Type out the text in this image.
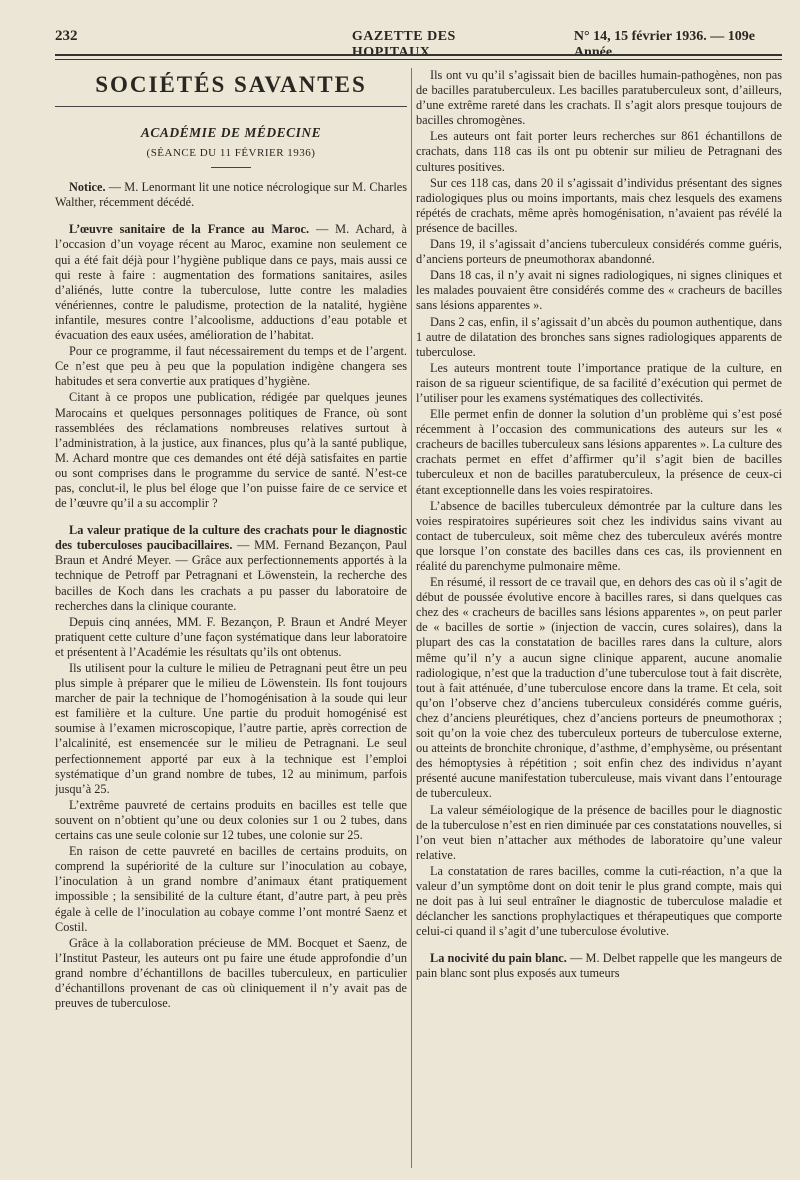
232	GAZETTE DES HOPITAUX
N° 14, 15 février 1936. — 109e Année.
SOCIÉTÉS SAVANTES
ACADÉMIE DE MÉDECINE
(SÉANCE DU 11 FÉVRIER 1936)

Notice. — M. Lenormant lit une notice nécrologique sur M. Charles Walther, récemment décédé.

L’œuvre sanitaire de la France au Maroc. — M. Achard, à l’occasion d’un voyage récent au Maroc, examine non seulement ce qui a été fait déjà pour l’hygiène publique dans ce pays, mais aussi ce qui reste à faire : augmentation des formations sanitaires, asiles d’aliénés, lutte contre la tuberculose, lutte contre les maladies vénériennes, contre le paludisme, protection de la natalité, hygiène infantile, mesures contre l’alcoolisme, adductions d’eau potable et évacuation des eaux usées, amélioration de l’habitat.

Pour ce programme, il faut nécessairement du temps et de l’argent. Ce n’est que peu à peu que la population indigène changera ses habitudes et sera convertie aux pratiques d’hygiène.

Citant à ce propos une publication, rédigée par quelques jeunes Marocains et quelques personnages politiques de France, où sont rassemblées des réclamations nombreuses relatives surtout à l’administration, à la justice, aux finances, plus qu’à la santé publique, M. Achard montre que ces demandes ont été déjà satisfaites en partie ou sont comprises dans le programme du service de santé. N’est-ce pas, conclut-il, le plus bel éloge que l’on puisse faire de ce service et de l’œuvre qu’il a su accomplir ?

La valeur pratique de la culture des crachats pour le diagnostic des tuberculoses paucibacillaires. — MM. Fernand Bezançon, Paul Braun et André Meyer. — Grâce aux perfectionnements apportés à la technique de Petroff par Petragnani et Löwenstein, la recherche des bacilles de Koch dans les crachats a pu passer du laboratoire de recherches dans la clinique courante.

Depuis cinq années, MM. F. Bezançon, P. Braun et André Meyer pratiquent cette culture d’une façon systématique dans leur laboratoire et présentent à l’Académie les résultats qu’ils ont obtenus.

Ils utilisent pour la culture le milieu de Petragnani peut être un peu plus simple à préparer que le milieu de Löwenstein. Ils font toujours marcher de pair la technique de l’homogénisation à la soude qui leur est familière et la culture. Une partie du produit homogénisé est soumise à l’examen microscopique, l’autre partie, après correction de l’alcalinité, est ensemencée sur le milieu de Petragnani. Le seul perfectionnement apporté par eux à la technique est l’emploi systématique d’un grand nombre de tubes, 12 au minimum, parfois jusqu’à 25.

L’extrême pauvreté de certains produits en bacilles est telle que souvent on n’obtient qu’une ou deux colonies sur 1 ou 2 tubes, dans certains cas une seule colonie sur 12 tubes, une colonie sur 25.

En raison de cette pauvreté en bacilles de certains produits, on comprend la supériorité de la culture sur l’inoculation au cobaye, l’inoculation à un grand nombre d’animaux étant pratiquement impossible ; la sensibilité de la culture étant, d’autre part, à peu près égale à celle de l’inoculation au cobaye comme l’ont montré Saenz et Costil.

Grâce à la collaboration précieuse de MM. Bocquet et Saenz, de l’Institut Pasteur, les auteurs ont pu faire une étude approfondie d’un grand nombre d’échantillons de bacilles tuberculeux, en particulier d’échantillons provenant de cas où cliniquement il n’y avait pas de preuves de tuberculose.

Ils ont vu qu’il s’agissait bien de bacilles humain-pathogènes, non pas de bacilles paratuberculeux. Les bacilles paratuberculeux sont, d’ailleurs, d’une extrême rareté dans les crachats. Il s’agit alors presque toujours de bacilles chromogènes.

Les auteurs ont fait porter leurs recherches sur 861 échantillons de crachats, dans 118 cas ils ont pu obtenir sur milieu de Petragnani des cultures positives.

Sur ces 118 cas, dans 20 il s’agissait d’individus présentant des signes radiologiques plus ou moins importants, mais chez lesquels des examens répétés de crachats, même après homogénisation, n’avaient pas révélé la présence de bacilles.

Dans 19, il s’agissait d’anciens tuberculeux considérés comme guéris, d’anciens porteurs de pneumothorax abandonné.

Dans 18 cas, il n’y avait ni signes radiologiques, ni signes cliniques et les malades pouvaient être considérés comme des « cracheurs de bacilles sans lésions apparentes ».

Dans 2 cas, enfin, il s’agissait d’un abcès du poumon authentique, dans 1 autre de dilatation des bronches sans signes radiologiques apparents de tuberculose.

Les auteurs montrent toute l’importance pratique de la culture, en raison de sa rigueur scientifique, de sa facilité d’exécution qui permet de l’utiliser pour les examens systématiques des collectivités.

Elle permet enfin de donner la solution d’un problème qui s’est posé récemment à l’occasion des communications des auteurs sur les « cracheurs de bacilles tuberculeux sans lésions apparentes ». La culture des crachats permet en effet d’affirmer qu’il s’agit bien de bacilles tuberculeux et non de bacilles paratuberculeux, la présence de ceux-ci étant exceptionnelle dans les voies respiratoires.

L’absence de bacilles tuberculeux démontrée par la culture dans les voies respiratoires supérieures soit chez les individus sains vivant au contact de tuberculeux, soit même chez des tuberculeux avérés montre que lorsque l’on constate des bacilles dans ces cas, ils proviennent en réalité du parenchyme pulmonaire même.

En résumé, il ressort de ce travail que, en dehors des cas où il s’agit de début de poussée évolutive encore à bacilles rares, si dans quelques cas chez des « cracheurs de bacilles sans lésions apparentes », on peut parler de « bacilles de sortie » (injection de vaccin, cures solaires), dans la plupart des cas la constatation de bacilles rares dans la culture, alors même qu’il n’y a aucun signe clinique apparent, aucune anomalie radiologique, n’est que la traduction d’une tuberculose tout à fait discrète, tout à fait atténuée, d’une tuberculose encore dans la trame. Et cela, soit qu’on l’observe chez d’anciens tuberculeux considérés comme guéris, chez d’anciens pleurétiques, chez d’anciens porteurs de pneumothorax ; soit qu’on la voie chez des tuberculeux porteurs de tuberculose externe, ou atteints de bronchite chronique, d’asthme, d’emphysème, ou présentant des hémoptysies à répétition ; soit enfin chez des individus n’ayant présenté aucune manifestation tuberculeuse, mais vivant dans l’entourage de tuberculeux.

La valeur séméiologique de la présence de bacilles pour le diagnostic de la tuberculose n’est en rien diminuée par ces constatations nouvelles, si l’on veut bien n’attacher aux méthodes de laboratoire qu’une valeur relative.

La constatation de rares bacilles, comme la cuti-réaction, n’a que la valeur d’un symptôme dont on doit tenir le plus grand compte, mais qui ne doit pas à lui seul entraîner le diagnostic de tuberculose maladie et déclancher les sanctions prophylactiques et thérapeutiques que comporte celui-ci quand il s’agit d’une tuberculose évolutive.

La nocivité du pain blanc. — M. Delbet rappelle que les mangeurs de pain blanc sont plus exposés aux tumeurs
